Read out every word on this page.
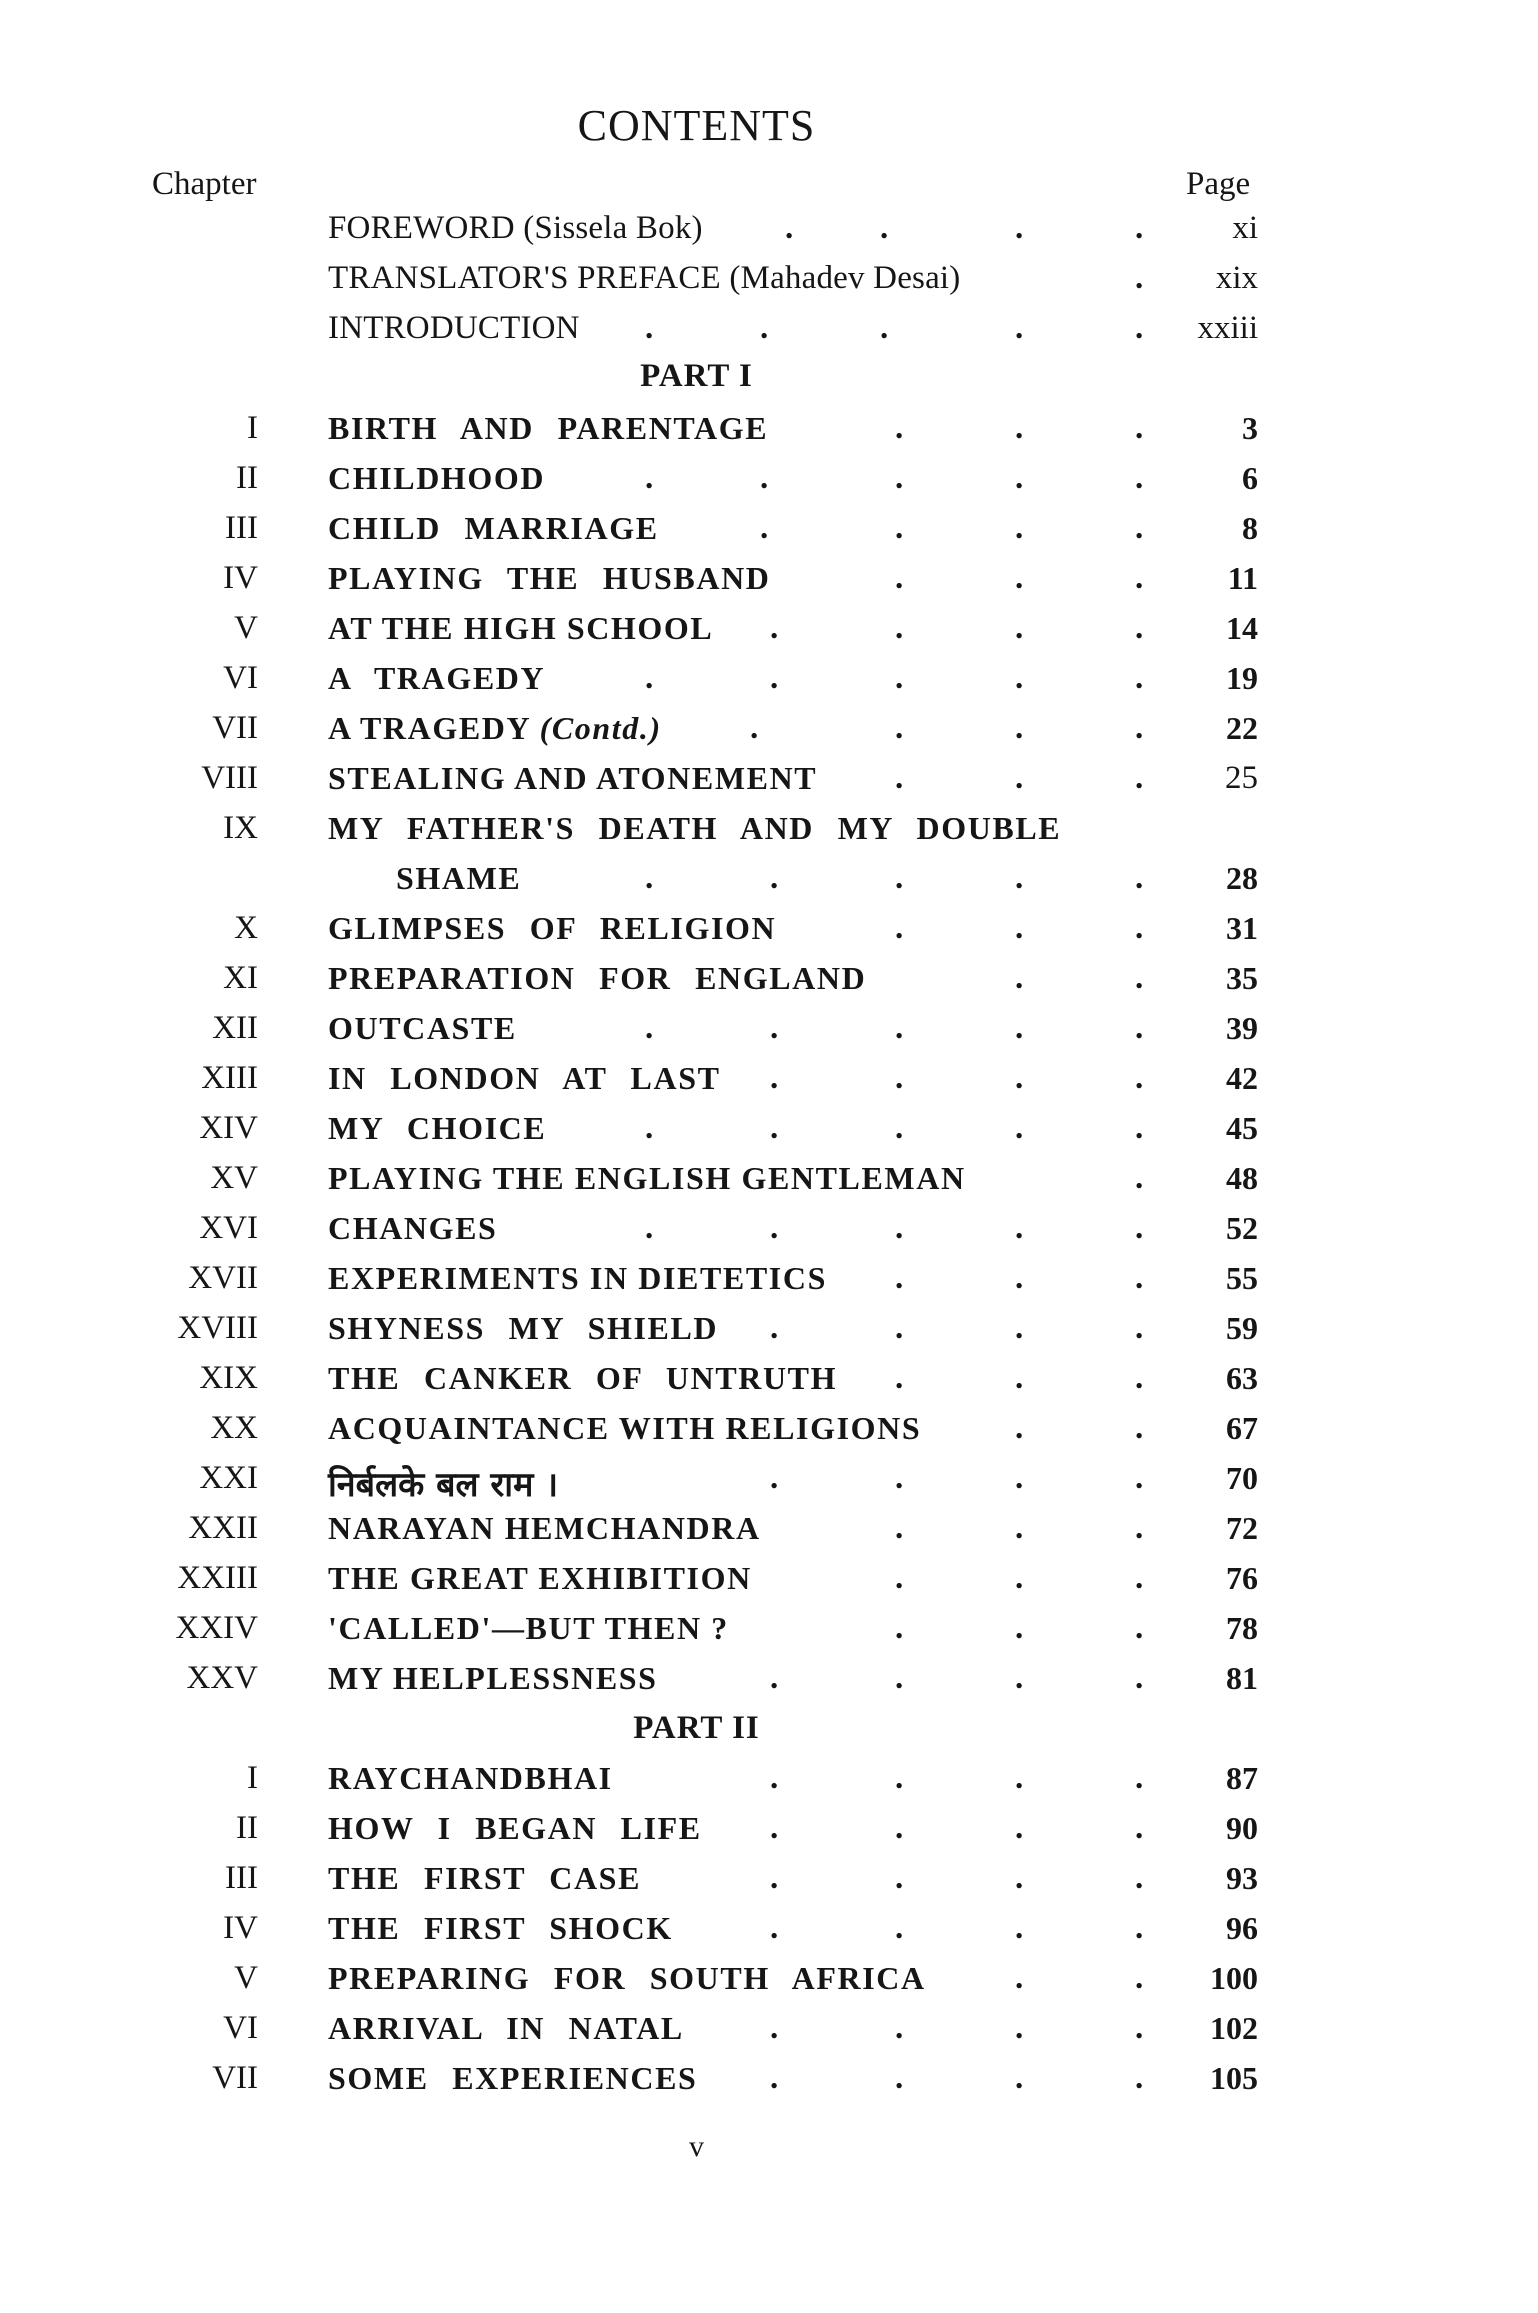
CONTENTS
Chapter	Page
FOREWORD (Sissela Bok) .	.	.	.	xi
TRANSLATOR'S PREFACE (Mahadev Desai)	. xix
INTRODUCTION .	.	.	.	. xxiii
PART I
I BIRTH AND PARENTAGE	.	.	.	3
II CHILDHOOD	.	.	.	.	.	6
III CHILD MARRIAGE	.	.	.	.	8
IV PLAYING THE HUSBAND	.	.	.	11
V AT THE HIGH SCHOOL .	.	.	.	14
VI A TRAGEDY	.	.	.	.	.	19
VII A TRAGEDY (Contd.)	.	.	.	.	22
VIII STEALING AND ATONEMENT .	.	. 25
IX MY FATHER'S DEATH AND MY DOUBLE
SHAME	.	.	.	.	.	28
X GLIMPSES OF RELIGION	.	.	.	31
XI PREPARATION FOR ENGLAND	.	.	35
XII OUTCASTE	.	.	.	.	.	39
XIII IN LONDON AT LAST .	.	.	.	42
XIV MY CHOICE	.	.	.	.	.	45
XV PLAYING THE ENGLISH GENTLEMAN	.	48
XVI CHANGES	.	.	.	.	.	52
XVII EXPERIMENTS IN DIETETICS .	.	.	55
XVIII SHYNESS MY SHIELD .	.	.	.	59
XIX THE CANKER OF UNTRUTH .	.	.	63
XX ACQUAINTANCE WITH RELIGIONS	.	.	67
XXI निर्बलके बल राम ।	.	.	.	.	70
XXII NARAYAN HEMCHANDRA	.	.	.	72
XXIII THE GREAT EXHIBITION	.	.	.	76
XXIV 'CALLED'—BUT THEN ?	.	.	.	78
XXV MY HELPLESSNESS	.	.	.	.	81
PART II
I RAYCHANDBHAI	.	.	.	.	87
II HOW I BEGAN LIFE .	.	.	.	90
III THE FIRST CASE	.	.	.	.	93
IV THE FIRST SHOCK	.	.	.	.	96
V PREPARING FOR SOUTH AFRICA	.	. 100
VI ARRIVAL IN NATAL	.	.	.	. 102
VII SOME EXPERIENCES .	.	.	. 105
v
